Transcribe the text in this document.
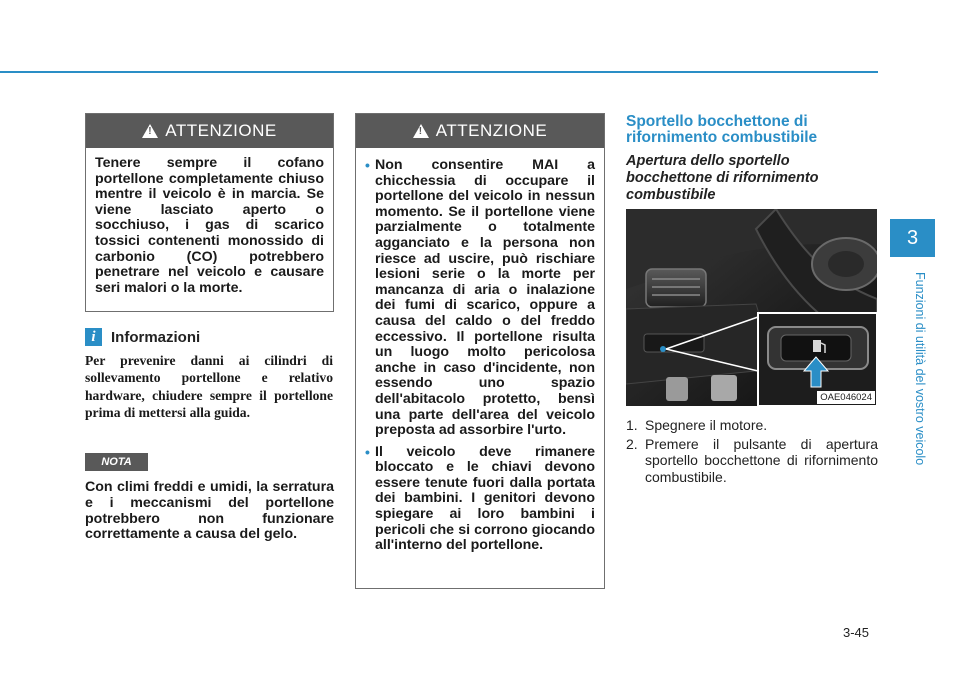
! ATTENZIONE
Tenere sempre il cofano portellone completamente chiuso mentre il veicolo è in marcia. Se viene lasciato aperto o socchiuso, i gas di scarico tossici contenenti monossido di carbonio (CO) potrebbero penetrare nel veicolo e causare seri malori o la morte.
i	Informazioni
Per prevenire danni ai cilindri di sollevamento portellone e relativo hardware, chiudere sempre il portellone prima di mettersi alla guida.
NOTA
Con climi freddi e umidi, la serratura e i meccanismi del portellone potrebbero non funzionare correttamente a causa del gelo.
! ATTENZIONE
• Non consentire MAI a chicchessia di occupare il portellone del veicolo in nessun momento. Se il portellone viene parzialmente o totalmente agganciato e la persona non riesce ad uscire, può rischiare lesioni serie o la morte per mancanza di aria o inalazione dei fumi di scarico, oppure a causa del caldo o del freddo eccessivo. Il portellone risulta un luogo molto pericolosa anche in caso d'incidente, non essendo uno spazio dell'abitacolo protetto, bensì una parte dell'area del veicolo preposta ad assorbire l'urto.
• Il veicolo deve rimanere bloccato e le chiavi devono essere tenute fuori dalla portata dei bambini. I genitori devono spiegare ai loro bambini i pericoli che si corrono giocando all'interno del portellone.
Sportello bocchettone di rifornimento combustibile
Apertura dello sportello bocchettone di rifornimento combustibile
OAE046024
1. Spegnere il motore.
2. Premere il pulsante di apertura sportello bocchettone di rifornimento combustibile.
3
Funzioni di utilità del vostro veicolo
3-45
